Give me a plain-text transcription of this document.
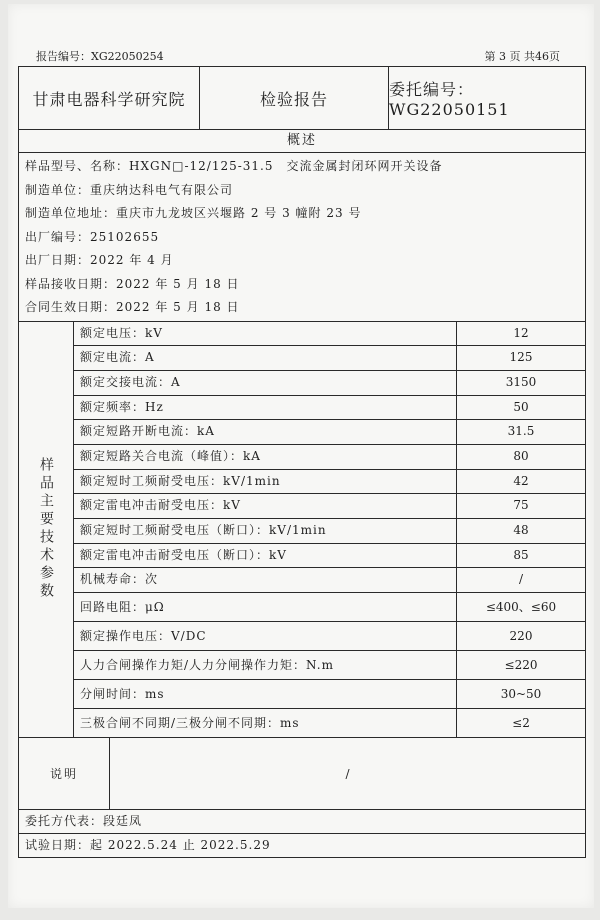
报告编号：XG22050254	第 3 页 共46页
甘肃电器科学研究院	检验报告	委托编号：WG22050151
概述
样品型号、名称：HXGN□-12/125-31.5　交流金属封闭环网开关设备
制造单位：重庆纳达科电气有限公司
制造单位地址：重庆市九龙坡区兴堰路 2 号 3 幢附 23 号
出厂编号：25102655
出厂日期：2022 年 4 月
样品接收日期：2022 年 5 月 18 日
合同生效日期：2022 年 5 月 18 日
样品主要技术参数
额定电压：kV	12
额定电流：A	125
额定交接电流：A	3150
额定频率：Hz	50
额定短路开断电流：kA	31.5
额定短路关合电流（峰值）：kA	80
额定短时工频耐受电压：kV/1min	42
额定雷电冲击耐受电压：kV	75
额定短时工频耐受电压（断口）：kV/1min	48
额定雷电冲击耐受电压（断口）：kV	85
机械寿命：次	/
回路电阻：μΩ	≤400、≤60
额定操作电压：V/DC	220
人力合闸操作力矩/人力分闸操作力矩：N.m	≤220
分闸时间：ms	30~50
三极合闸不同期/三极分闸不同期：ms	≤2
说明	/
委托方代表：段廷凤
试验日期：起 2022.5.24 止 2022.5.29
